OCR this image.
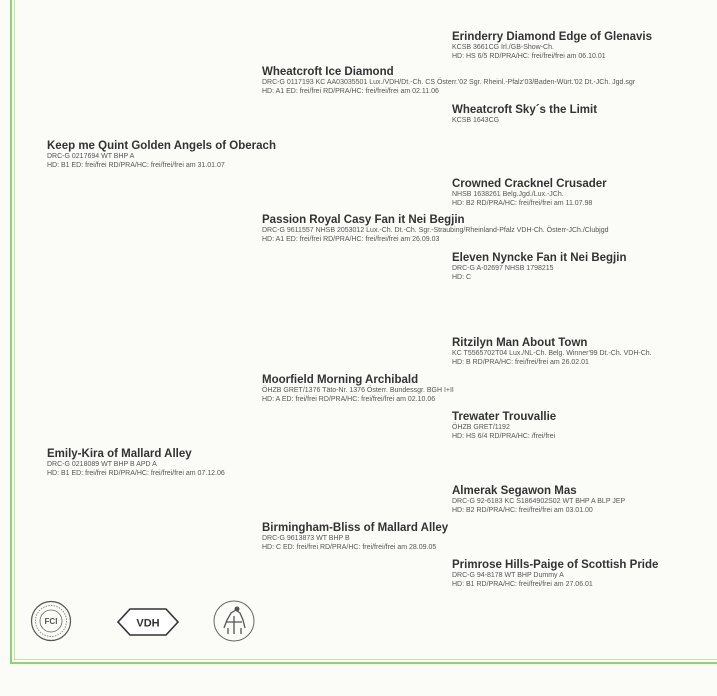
Erinderry Diamond Edge of Glenavis
KCSB 3661CG Irl./GB-Show-Ch.
HD: HS 6/5 RD/PRA/HC: frei/frei/frei am 06.10.01
Wheatcroft Sky´s the Limit
KCSB 1643CG
Crowned Cracknel Crusader
NHSB 1638261 Belg.Jgd./Lux.-JCh.
HD: B2 RD/PRA/HC: frei/frei/frei am 11.07.98
Eleven Nyncke Fan it Nei Begjin
DRC-G A-02697 NHSB 1798215
HD: C
Ritzilyn Man About Town
KC T5565702T04 Lux./NL-Ch. Belg. Winner'99 Dt.-Ch. VDH-Ch.
HD: B RD/PRA/HC: frei/frei/frei am 26.02.01
Trewater Trouvallie
ÖHZB GRET/1192
HD: HS 6/4 RD/PRA/HC: /frei/frei
Almerak Segawon Mas
DRC-G 92-6183 KC S1864902S02 WT BHP A BLP JEP
HD: B2 RD/PRA/HC: frei/frei/frei am 03.01.00
Primrose Hills-Paige of Scottish Pride
DRC-G 94-8178 WT BHP Dummy A
HD: B1 RD/PRA/HC: frei/frei/frei am 27.06.01
Wheatcroft Ice Diamond
DRC-G 0117193 KC AA03035501 Lux./VDH/Dt.-Ch. CS Österr.'02 Sgr. Rheinl.-Pfalz'03/Baden-Würt.'02 Dt.-JCh. Jgd.sgr
HD: A1 ED: frei/frei RD/PRA/HC: frei/frei/frei am 02.11.06
Passion Royal Casy Fan it Nei Begjin
DRC-G 9611557 NHSB 2053012 Lux.-Ch. Dt.-Ch. Sgr.-Straubing/Rheinland-Pfalz VDH-Ch. Österr-JCh./Clubjgd
HD: A1 ED: frei/frei RD/PRA/HC: frei/frei/frei am 26.09.03
Moorfield Morning Archibald
ÖHZB GRET/1376 Täto-Nr. 1376 Österr. Bundessgr. BGH I+II
HD: A ED: frei/frei RD/PRA/HC: frei/frei/frei am 02.10.06
Birmingham-Bliss of Mallard Alley
DRC-G 9613873 WT BHP B
HD: C ED: frei/frei RD/PRA/HC: frei/frei/frei am 28.09.05
Keep me Quint Golden Angels of Oberach
DRC-G 0217694 WT BHP A
HD: B1 ED: frei/frei RD/PRA/HC: frei/frei/frei am 31.01.07
Emily-Kira of Mallard Alley
DRC-G 0218089 WT BHP B APD A
HD: B1 ED: frei/frei RD/PRA/HC: frei/frei/frei am 07.12.06
FCI	VDH
